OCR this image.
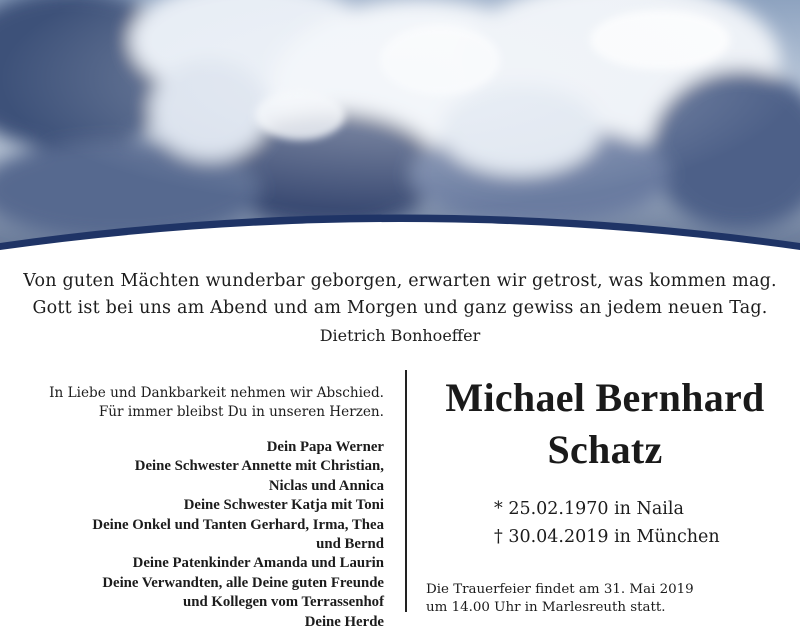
Von guten Mächten wunderbar geborgen, erwarten wir getrost, was kommen mag.
Gott ist bei uns am Abend und am Morgen und ganz gewiss an jedem neuen Tag.
Dietrich Bonhoeffer
In Liebe und Dankbarkeit nehmen wir Abschied.
Für immer bleibst Du in unseren Herzen.
Dein Papa Werner
Deine Schwester Annette mit Christian,
Niclas und Annica
Deine Schwester Katja mit Toni
Deine Onkel und Tanten Gerhard, Irma, Thea
und Bernd
Deine Patenkinder Amanda und Laurin
Deine Verwandten, alle Deine guten Freunde
und Kollegen vom Terrassenhof
Deine Herde
Michael Bernhard
Schatz
* 25.02.1970 in Naila
† 30.04.2019 in München
Die Trauerfeier findet am 31. Mai 2019
um 14.00 Uhr in Marlesreuth statt.
